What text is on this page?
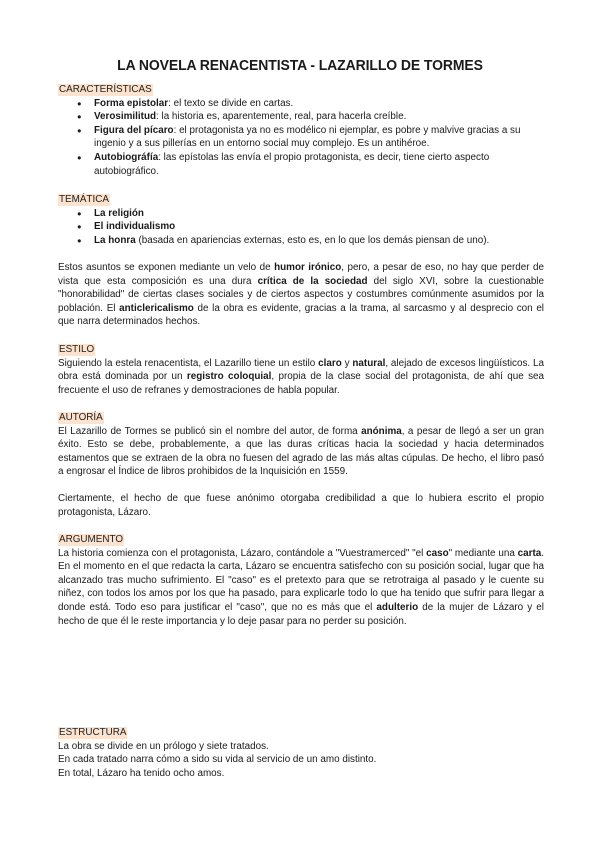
LA NOVELA RENACENTISTA - LAZARILLO DE TORMES
CARACTERÍSTICAS
● Forma epistolar: el texto se divide en cartas.
● Verosimilitud: la historia es, aparentemente, real, para hacerla creíble.
● Figura del pícaro: el protagonista ya no es modélico ni ejemplar, es pobre y malvive gracias a su ingenio y a sus pillerías en un entorno social muy complejo. Es un antihéroe.
● Autobiográfía: las epístolas las envía el propio protagonista, es decir, tiene cierto aspecto autobiográfico.
TEMÁTICA
● La religión
● El individualismo
● La honra (basada en apariencias externas, esto es, en lo que los demás piensan de uno).

Estos asuntos se exponen mediante un velo de humor irónico, pero, a pesar de eso, no hay que perder de vista que esta composición es una dura crítica de la sociedad del siglo XVI, sobre la cuestionable "honorabilidad" de ciertas clases sociales y de ciertos aspectos y costumbres comúnmente asumidos por la población. El anticlericalismo de la obra es evidente, gracias a la trama, al sarcasmo y al desprecio con el que narra determinados hechos.

ESTILO

Siguiendo la estela renacentista, el Lazarillo tiene un estilo claro y natural, alejado de excesos lingüísticos. La obra está dominada por un registro coloquial, propia de la clase social del protagonista, de ahí que sea frecuente el uso de refranes y demostraciones de habla popular.

AUTORÍA

El Lazarillo de Tormes se publicó sin el nombre del autor, de forma anónima, a pesar de llegó a ser un gran éxito. Esto se debe, probablemente, a que las duras críticas hacia la sociedad y hacia determinados estamentos que se extraen de la obra no fuesen del agrado de las más altas cúpulas. De hecho, el libro pasó a engrosar el Índice de libros prohibidos de la Inquisición en 1559.

Ciertamente, el hecho de que fuese anónimo otorgaba credibilidad a que lo hubiera escrito el propio protagonista, Lázaro.

ARGUMENTO

La historia comienza con el protagonista, Lázaro, contándole a "Vuestramerced" "el caso" mediante una carta. En el momento en el que redacta la carta, Lázaro se encuentra satisfecho con su posición social, lugar que ha alcanzado tras mucho sufrimiento. El "caso" es el pretexto para que se retrotraiga al pasado y le cuente su niñez, con todos los amos por los que ha pasado, para explicarle todo lo que ha tenido que sufrir para llegar a donde está. Todo eso para justificar el "caso", que no es más que el adulterio de la mujer de Lázaro y el hecho de que él le reste importancia y lo deje pasar para no perder su posición.

ESTRUCTURA

La obra se divide en un prólogo y siete tratados.

En cada tratado narra cómo a sido su vida al servicio de un amo distinto.

En total, Lázaro ha tenido ocho amos.
